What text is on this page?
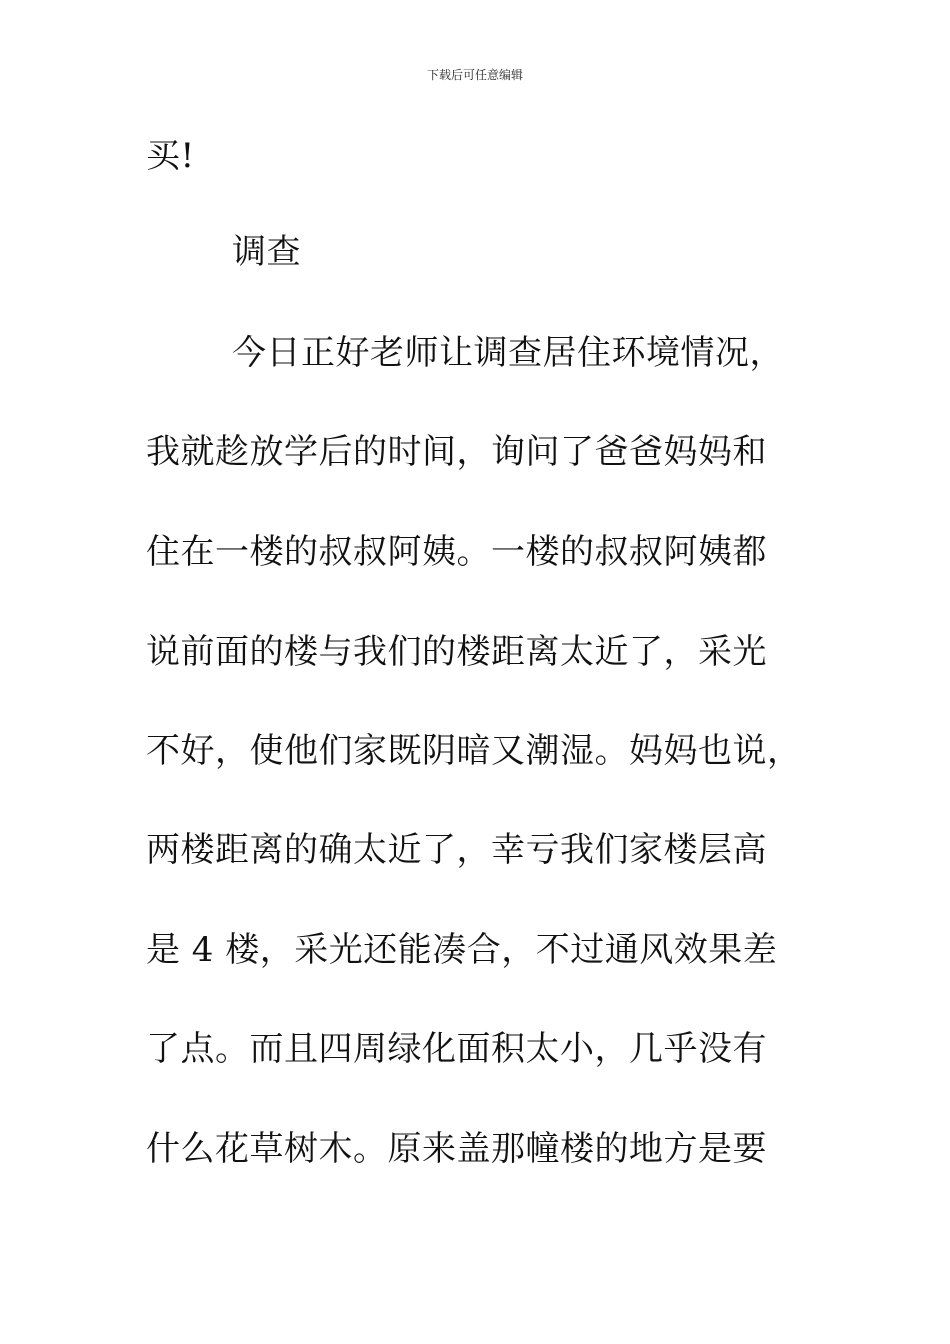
下载后可任意编辑
买!
调查
今日正好老师让调查居住环境情况，
我就趁放学后的时间，询问了爸爸妈妈和
住在一楼的叔叔阿姨。一楼的叔叔阿姨都
说前面的楼与我们的楼距离太近了，采光
不好，使他们家既阴暗又潮湿。妈妈也说，
两楼距离的确太近了，幸亏我们家楼层高
是 4 楼，采光还能凑合，不过通风效果差
了点。而且四周绿化面积太小，几乎没有
什么花草树木。原来盖那幢楼的地方是要
